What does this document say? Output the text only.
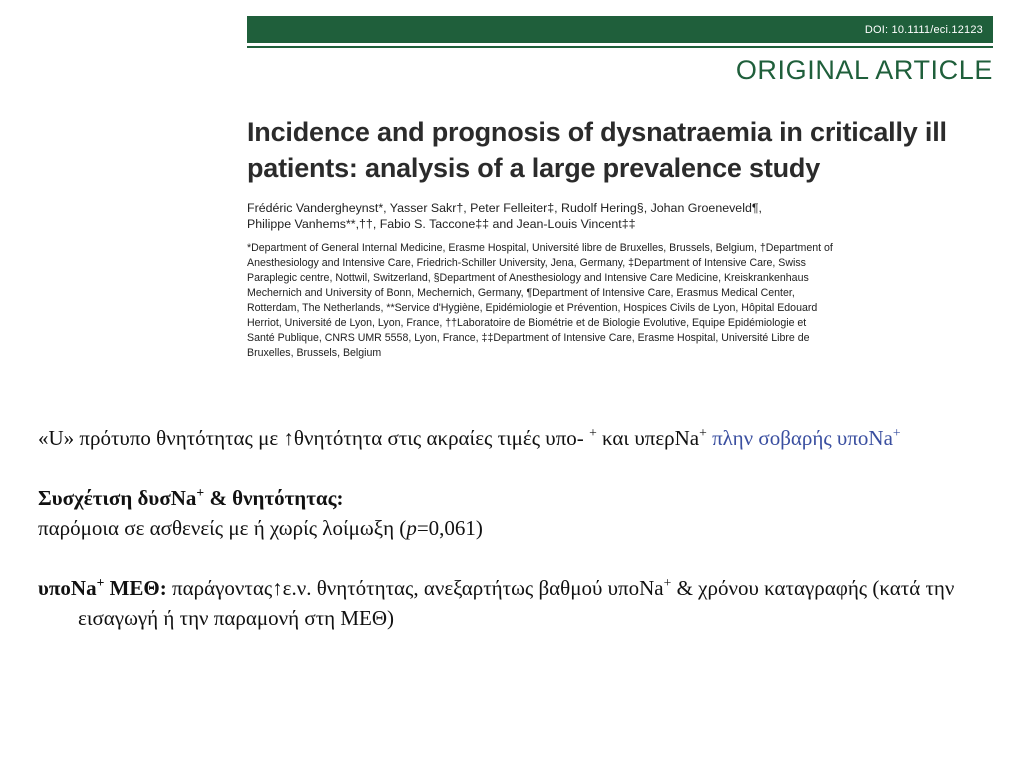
DOI: 10.1111/eci.12123
ORIGINAL ARTICLE
Incidence and prognosis of dysnatraemia in critically ill
patients: analysis of a large prevalence study
Frédéric Vandergheynst*, Yasser Sakr†, Peter Felleiter‡, Rudolf Hering§, Johan Groeneveld¶,
Philippe Vanhems**,††, Fabio S. Taccone‡‡ and Jean-Louis Vincent‡‡
*Department of General Internal Medicine, Erasme Hospital, Université libre de Bruxelles, Brussels, Belgium, †Department of
Anesthesiology and Intensive Care, Friedrich-Schiller University, Jena, Germany, ‡Department of Intensive Care, Swiss
Paraplegic centre, Nottwil, Switzerland, §Department of Anesthesiology and Intensive Care Medicine, Kreiskrankenhaus
Mechernich and University of Bonn, Mechernich, Germany, ¶Department of Intensive Care, Erasmus Medical Center,
Rotterdam, The Netherlands, **Service d'Hygiène, Epidémiologie et Prévention, Hospices Civils de Lyon, Hôpital Edouard
Herriot, Université de Lyon, Lyon, France, ††Laboratoire de Biométrie et de Biologie Evolutive, Equipe Epidémiologie et
Santé Publique, CNRS UMR 5558, Lyon, France, ‡‡Department of Intensive Care, Erasme Hospital, Université Libre de
Bruxelles, Brussels, Belgium

«U» πρότυπο θνητότητας με ↑θνητότητα στις ακραίες τιμές υπο- + και υπερNa+ πλην σοβαρής υποNa+

Συσχέτιση δυσNa+ & θνητότητας:

παρόμοια σε ασθενείς με ή χωρίς λοίμωξη (p=0,061)

υποNa+ ΜΕΘ: παράγοντας↑ε.ν. θνητότητας, ανεξαρτήτως βαθμού υποNa+ & χρόνου καταγραφής (κατά την εισαγωγή ή την παραμονή στη ΜΕΘ)
